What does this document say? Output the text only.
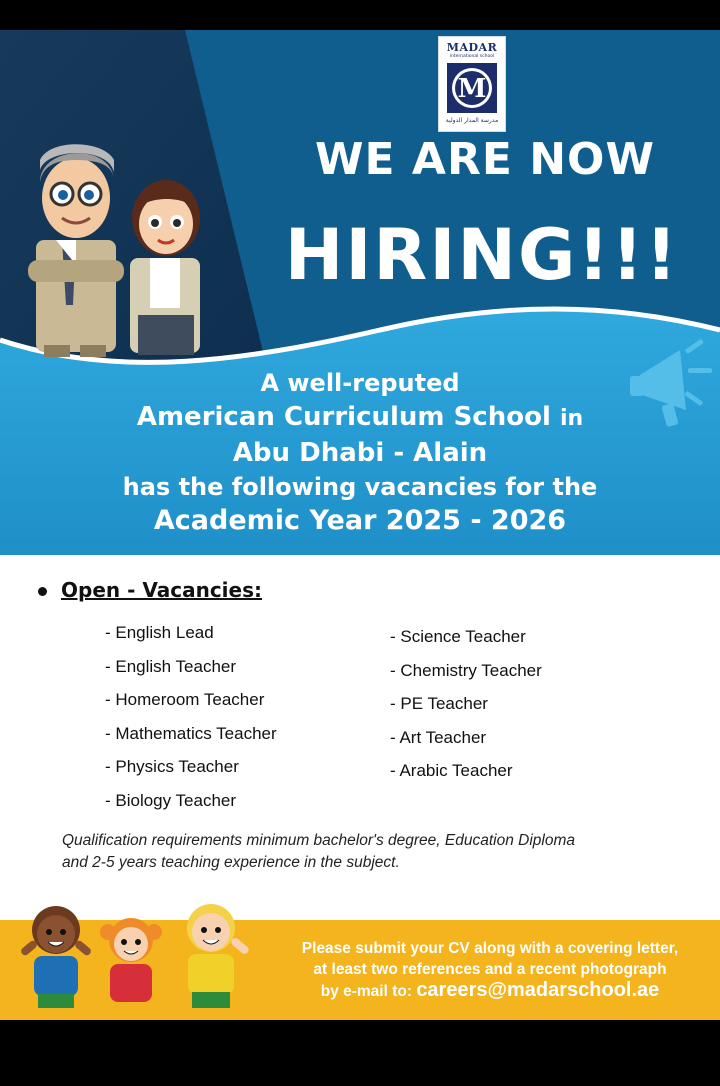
MADAR
international school
M
مدرسة المدار الدولية
WE ARE NOW
HIRING!!!
A well-reputed
American Curriculum School in
Abu Dhabi - Alain
has the following vacancies for the
Academic Year 2025 - 2026
Open - Vacancies:
- English Lead
- English Teacher
- Homeroom Teacher
- Mathematics Teacher
- Physics Teacher
- Biology Teacher
- Science Teacher
- Chemistry Teacher
- PE Teacher
- Art Teacher
- Arabic Teacher
Qualification requirements minimum bachelor's degree, Education Diploma
and 2-5 years teaching experience in the subject.
Please submit your CV along with a covering letter,
at least two references and a recent photograph
by e-mail to: careers@madarschool.ae
